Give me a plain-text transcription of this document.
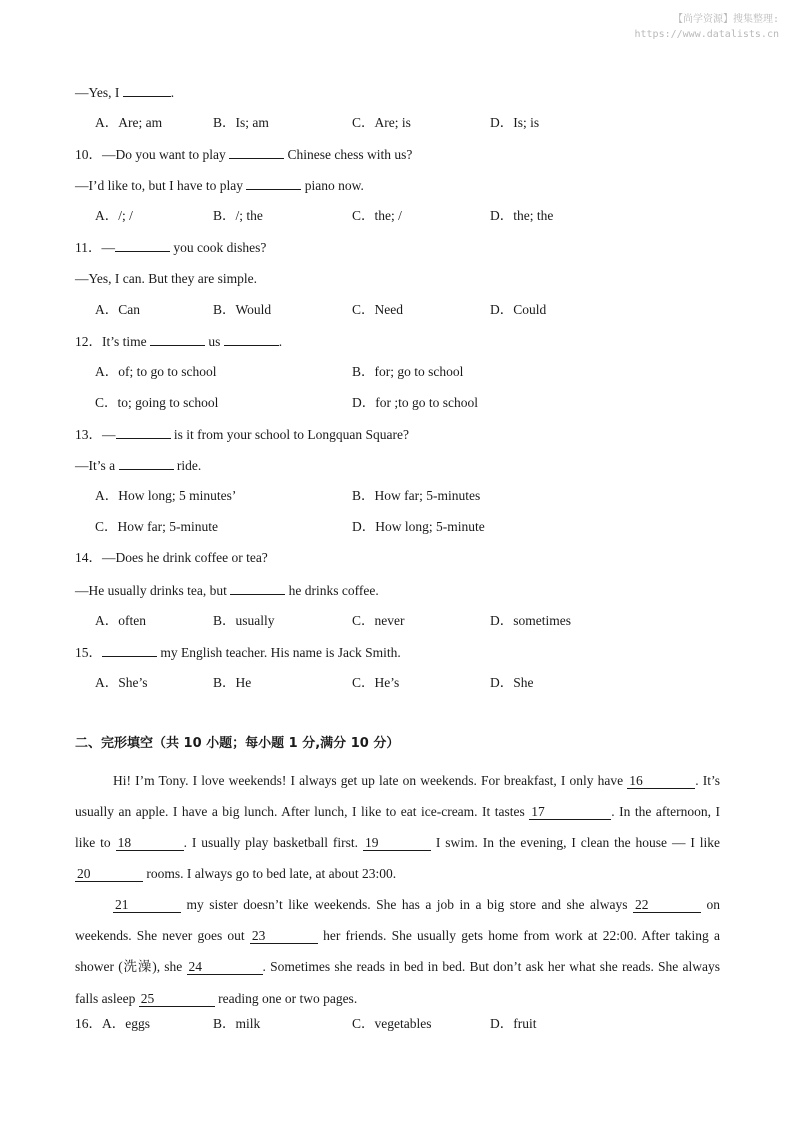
【尚学资源】搜集整理:
https://www.datalists.cn
—Yes, I	.
A．Are; am	B．Is; am	C．Are; is	D．Is; is
10．—Do you want to play	Chinese chess with us?
—I’d like to, but I have to play	piano now.
A．/; /	B．/; the	C．the; /	D．the; the
11．—	you cook dishes?
—Yes, I can. But they are simple.
A．Can	B．Would	C．Need	D．Could
12．It’s time	us	.
A．of; to go to school	B．for; go to school
C．to; going to school	D．for ;to go to school
13．—	is it from your school to Longquan Square?
—It’s a	ride.
A．How long; 5 minutes’	B．How far; 5-minutes
C．How far; 5-minute	D．How long; 5-minute
14．—Does he drink coffee or tea?
—He usually drinks tea, but	he drinks coffee.
A．often	B．usually	C．never	D．sometimes
15．	my English teacher. His name is Jack Smith.
A．She’s	B．He	C．He’s	D．She
二、完形填空（共 10 小题；每小题 1 分,满分 10 分）
Hi! I’m Tony. I love weekends! I always get up late on weekends. For breakfast, I only have 16	. It’s usually an apple. I have a big lunch. After lunch, I like to eat ice-cream. It tastes 17	. In the afternoon, I like to 18	. I usually play basketball first. 19	I swim. In the evening, I clean the house — I like20	rooms. I always go to bed late, at about 23:00.
21	my sister doesn’t like weekends. She has a job in a big store and she always 22	on weekends. She never goes out 23	her friends. She usually gets home from work at 22:00. After taking a shower (洗澡), she 24	. Sometimes she reads in bed in bed. But don’t ask her what she reads. She always falls asleep 25	reading one or two pages.
16．A．eggs	B．milk	C．vegetables	D．fruit
